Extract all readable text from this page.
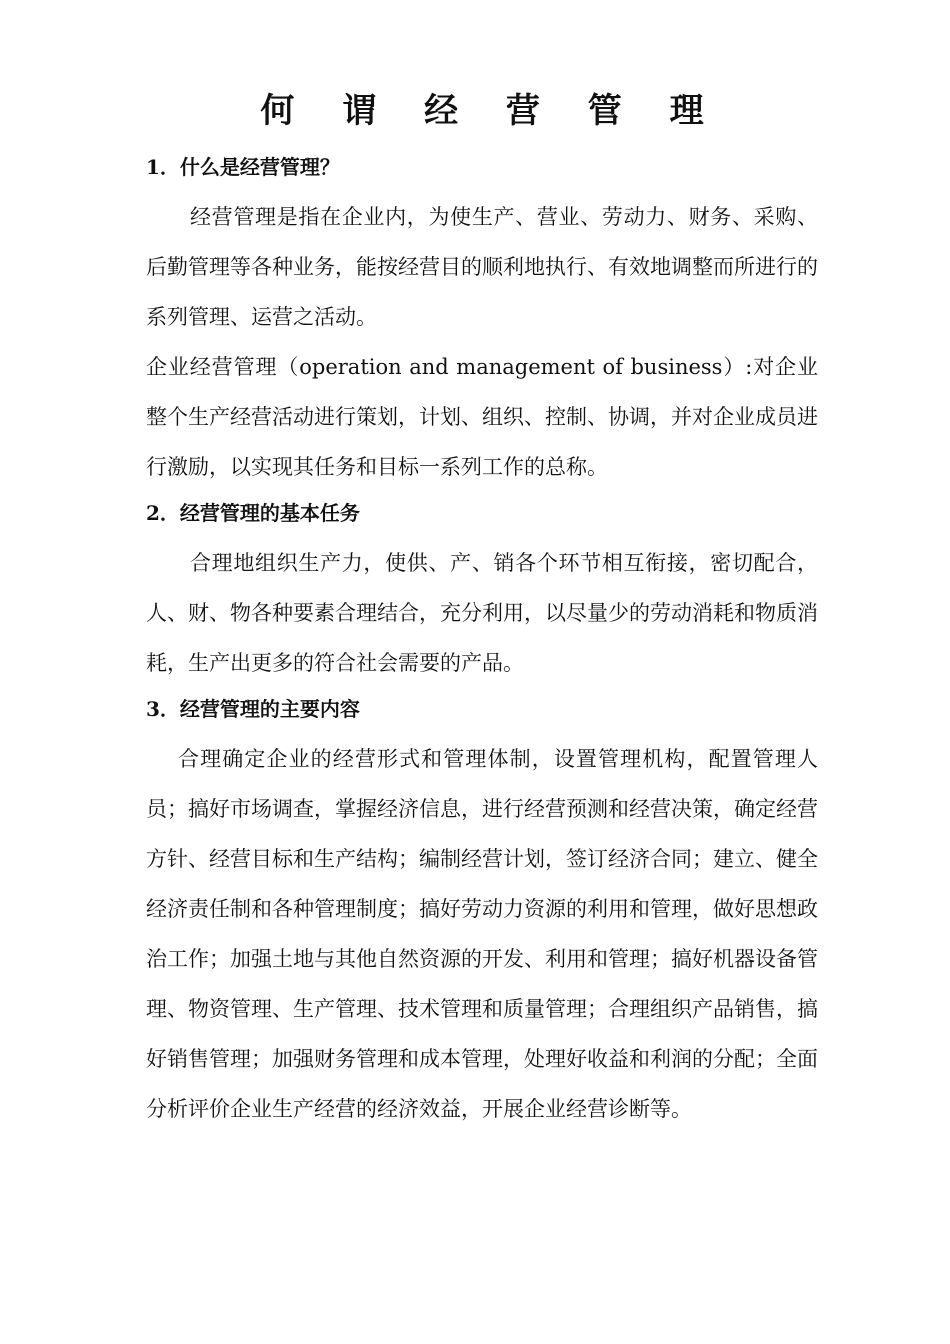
何 谓 经 营 管 理
1．什么是经营管理？

经营管理是指在企业内，为使生产、营业、劳动力、财务、采购、后勤管理等各种业务，能按经营目的顺利地执行、有效地调整而所进行的系列管理、运营之活动。

企业经营管理（operation and management of business）:对企业整个生产经营活动进行策划，计划、组织、控制、协调，并对企业成员进行激励，以实现其任务和目标一系列工作的总称。

2．经营管理的基本任务

合理地组织生产力，使供、产、销各个环节相互衔接，密切配合，人、财、物各种要素合理结合，充分利用，以尽量少的劳动消耗和物质消耗，生产出更多的符合社会需要的产品。

3．经营管理的主要内容

合理确定企业的经营形式和管理体制，设置管理机构，配置管理人员；搞好市场调查，掌握经济信息，进行经营预测和经营决策，确定经营方针、经营目标和生产结构；编制经营计划，签订经济合同；建立、健全经济责任制和各种管理制度；搞好劳动力资源的利用和管理，做好思想政治工作；加强土地与其他自然资源的开发、利用和管理；搞好机器设备管理、物资管理、生产管理、技术管理和质量管理；合理组织产品销售，搞好销售管理；加强财务管理和成本管理，处理好收益和利润的分配；全面分析评价企业生产经营的经济效益，开展企业经营诊断等。
